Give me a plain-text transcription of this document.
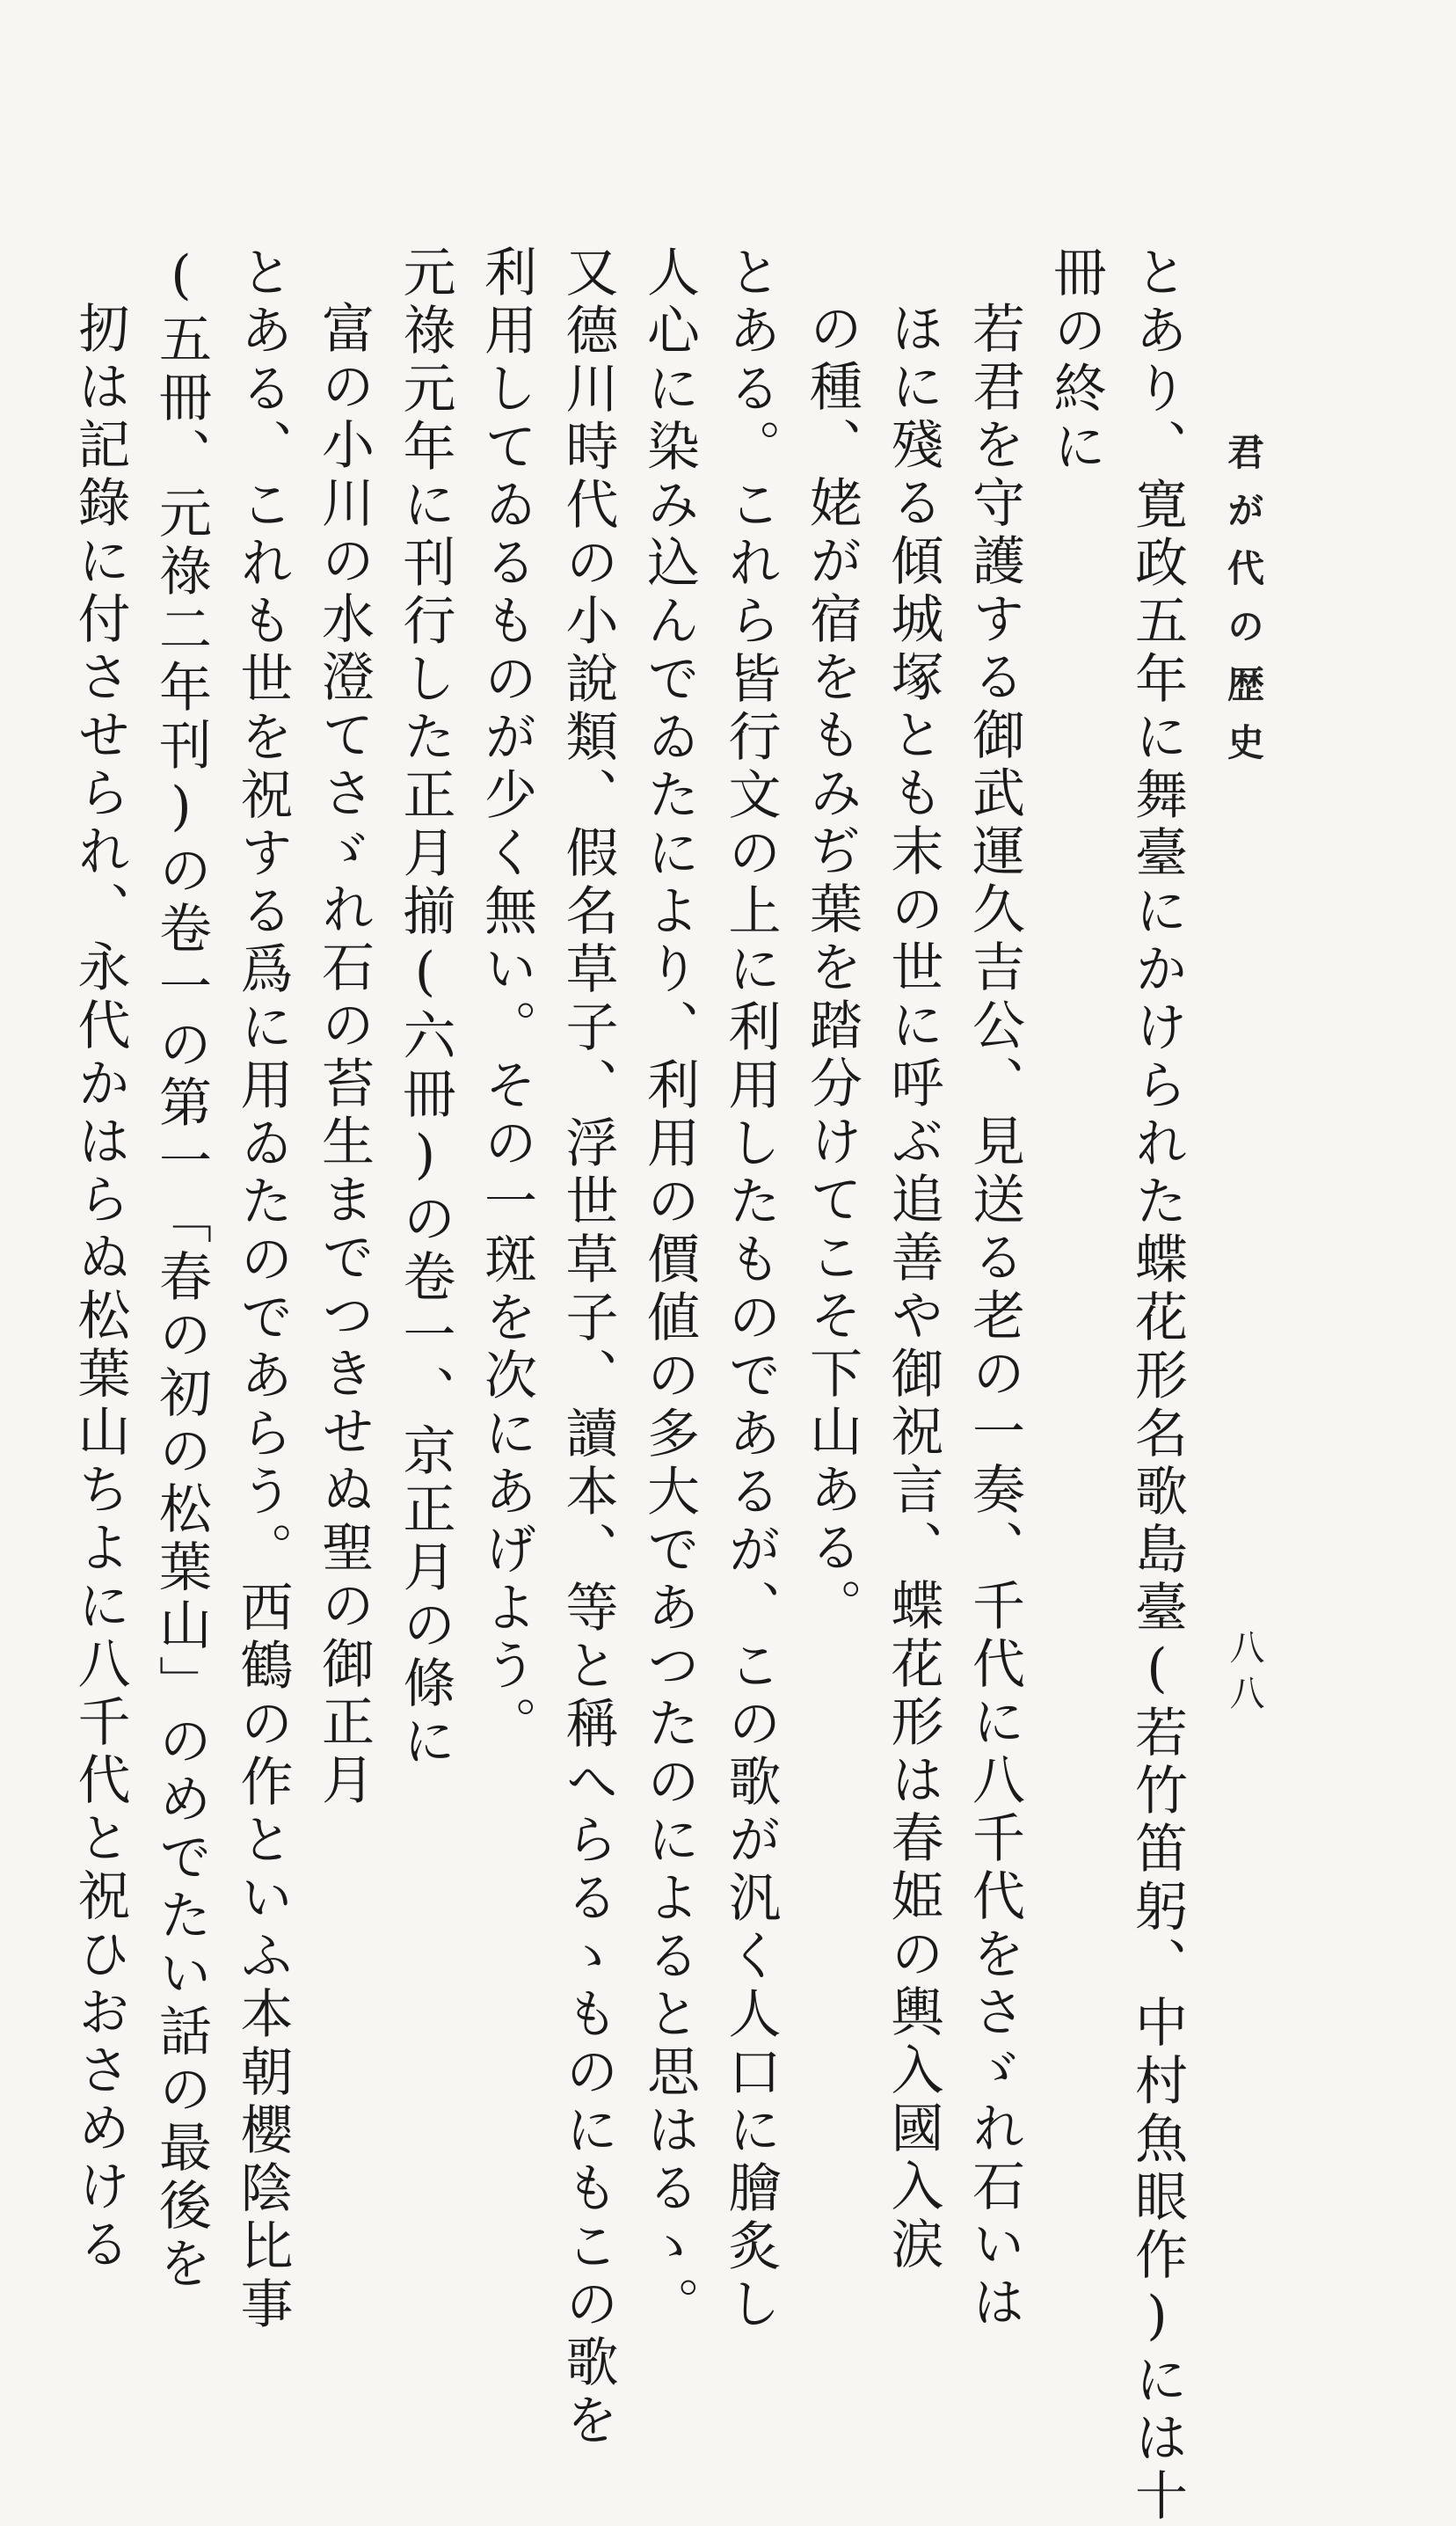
君が代の歴史
八八
とあり、寛政五年に舞臺にかけられた蝶花形名歌島臺(若竹笛躬、中村魚眼作)には十
冊の終に
若君を守護する御武運久吉公、見送る老の一奏、千代に八千代をさゞれ石いは
ほに殘る傾城塚とも末の世に呼ぶ追善や御祝言、蝶花形は春姫の輿入國入涙
の種、姥が宿をもみぢ葉を踏分けてこそ下山ある。
とある。これら皆行文の上に利用したものであるが、この歌が汎く人口に膾炙し
人心に染み込んでゐたにより、利用の價値の多大であつたのによると思はるゝ。
又德川時代の小說類、假名草子、浮世草子、讀本、等と稱へらるゝものにもこの歌を
利用してゐるものが少く無い。その一斑を次にあげよう。
元祿元年に刊行した正月揃(六冊)の卷一、京正月の條に
富の小川の水澄てさゞれ石の苔生までつきせぬ聖の御正月
とある、これも世を祝する爲に用ゐたのであらう。西鶴の作といふ本朝櫻陰比事
(五冊、元祿二年刊)の卷一の第一「春の初の松葉山」のめでたい話の最後を
扨は記錄に付させられ、永代かはらぬ松葉山ちよに八千代と祝ひおさめける
